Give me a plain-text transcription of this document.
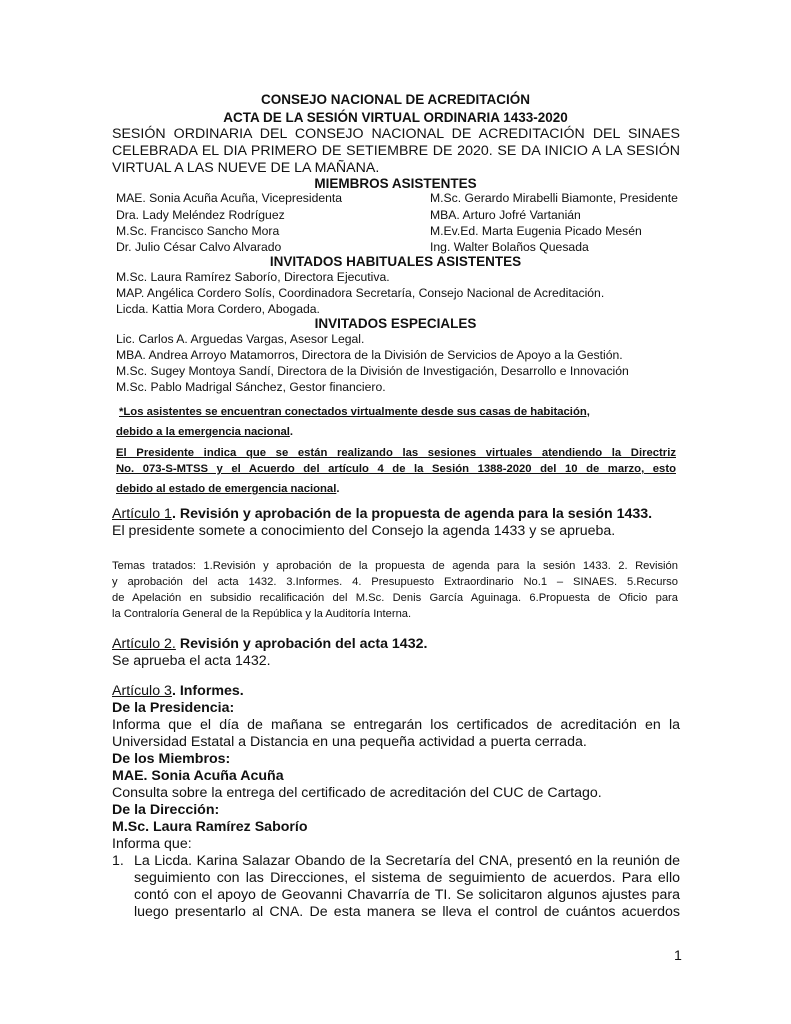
CONSEJO NACIONAL DE ACREDITACIÓN
ACTA DE LA SESIÓN VIRTUAL ORDINARIA 1433-2020
SESIÓN ORDINARIA DEL CONSEJO NACIONAL DE ACREDITACIÓN DEL SINAES
CELEBRADA EL DIA PRIMERO DE SETIEMBRE DE 2020. SE DA INICIO A LA SESIÓN
VIRTUAL A LAS NUEVE DE LA MAÑANA.
MIEMBROS ASISTENTES
MAE. Sonia Acuña Acuña, Vicepresidenta
Dra. Lady Meléndez Rodríguez
M.Sc. Francisco Sancho Mora
Dr. Julio César Calvo Alvarado
M.Sc. Gerardo Mirabelli Biamonte, Presidente
MBA. Arturo Jofré Vartanián
M.Ev.Ed. Marta Eugenia Picado Mesén
Ing. Walter Bolaños Quesada
INVITADOS HABITUALES ASISTENTES
M.Sc. Laura Ramírez Saborío, Directora Ejecutiva.
MAP. Angélica Cordero Solís, Coordinadora Secretaría, Consejo Nacional de Acreditación.
Licda. Kattia Mora Cordero, Abogada.
INVITADOS ESPECIALES
Lic. Carlos A. Arguedas Vargas, Asesor Legal.
MBA. Andrea Arroyo Matamorros, Directora de la División de Servicios de Apoyo a la Gestión.
M.Sc. Sugey Montoya Sandí, Directora de la División de Investigación, Desarrollo e Innovación
M.Sc. Pablo Madrigal Sánchez, Gestor financiero.
*Los asistentes se encuentran conectados virtualmente desde sus casas de habitación,
debido a la emergencia nacional.
El Presidente indica que se están realizando las sesiones virtuales atendiendo la Directriz
No. 073-S-MTSS y el Acuerdo del artículo 4 de la Sesión 1388-2020 del 10 de marzo, esto
debido al estado de emergencia nacional.
Artículo 1. Revisión y aprobación de la propuesta de agenda para la sesión 1433.
El presidente somete a conocimiento del Consejo la agenda 1433 y se aprueba.
Temas tratados: 1.Revisión y aprobación de la propuesta de agenda para la sesión 1433. 2. Revisión
y aprobación del acta 1432. 3.Informes. 4. Presupuesto Extraordinario No.1 – SINAES. 5.Recurso
de Apelación en subsidio recalificación del M.Sc. Denis García Aguinaga. 6.Propuesta de Oficio para
la Contraloría General de la República y la Auditoría Interna.
Artículo 2. Revisión y aprobación del acta 1432.
Se aprueba el acta 1432.
Artículo 3. Informes.
De la Presidencia:
Informa que el día de mañana se entregarán los certificados de acreditación en la
Universidad Estatal a Distancia en una pequeña actividad a puerta cerrada.
De los Miembros:
MAE. Sonia Acuña Acuña
Consulta sobre la entrega del certificado de acreditación del CUC de Cartago.
De la Dirección:
M.Sc. Laura Ramírez Saborío
Informa que:
1. La Licda. Karina Salazar Obando de la Secretaría del CNA, presentó en la reunión de
seguimiento con las Direcciones, el sistema de seguimiento de acuerdos. Para ello
contó con el apoyo de Geovanni Chavarría de TI. Se solicitaron algunos ajustes para
luego presentarlo al CNA. De esta manera se lleva el control de cuántos acuerdos
1
